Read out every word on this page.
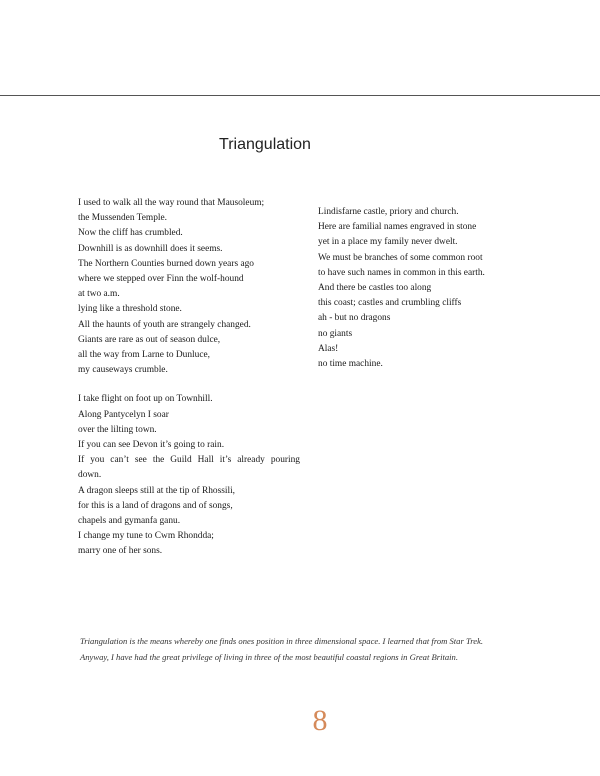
Triangulation
I used to walk all the way round that Mausoleum;
the Mussenden Temple.
Now the cliff has crumbled.
Downhill is as downhill does it seems.
The Northern Counties burned down years ago
where we stepped over Finn the wolf-hound
at two a.m.
lying like a threshold stone.
All the haunts of youth are strangely changed.
Giants are rare as out of season dulce,
all the way from Larne to Dunluce,
my causeways crumble.
I take flight on foot up on Townhill.
Along Pantycelyn I soar
over the lilting town.
If you can see Devon it’s going to rain.
If you can’t see the Guild Hall it’s already pouring
down.
A dragon sleeps still at the tip of Rhossili,
for this is a land of dragons and of songs,
chapels and gymanfa ganu.
I change my tune to Cwm Rhondda;
marry one of her sons.
Lindisfarne castle, priory and church.
Here are familial names engraved in stone
yet in a place my family never dwelt.
We must be branches of some common root
to have such names in common in this earth.
And there be castles too along
this coast; castles and crumbling cliffs
ah - but no dragons
no giants
Alas!
no time machine.
Triangulation is the means whereby one finds ones position in three dimensional space. I learned that from Star Trek.
Anyway, I have had the great privilege of living in three of the most beautiful coastal regions in Great Britain.
8
